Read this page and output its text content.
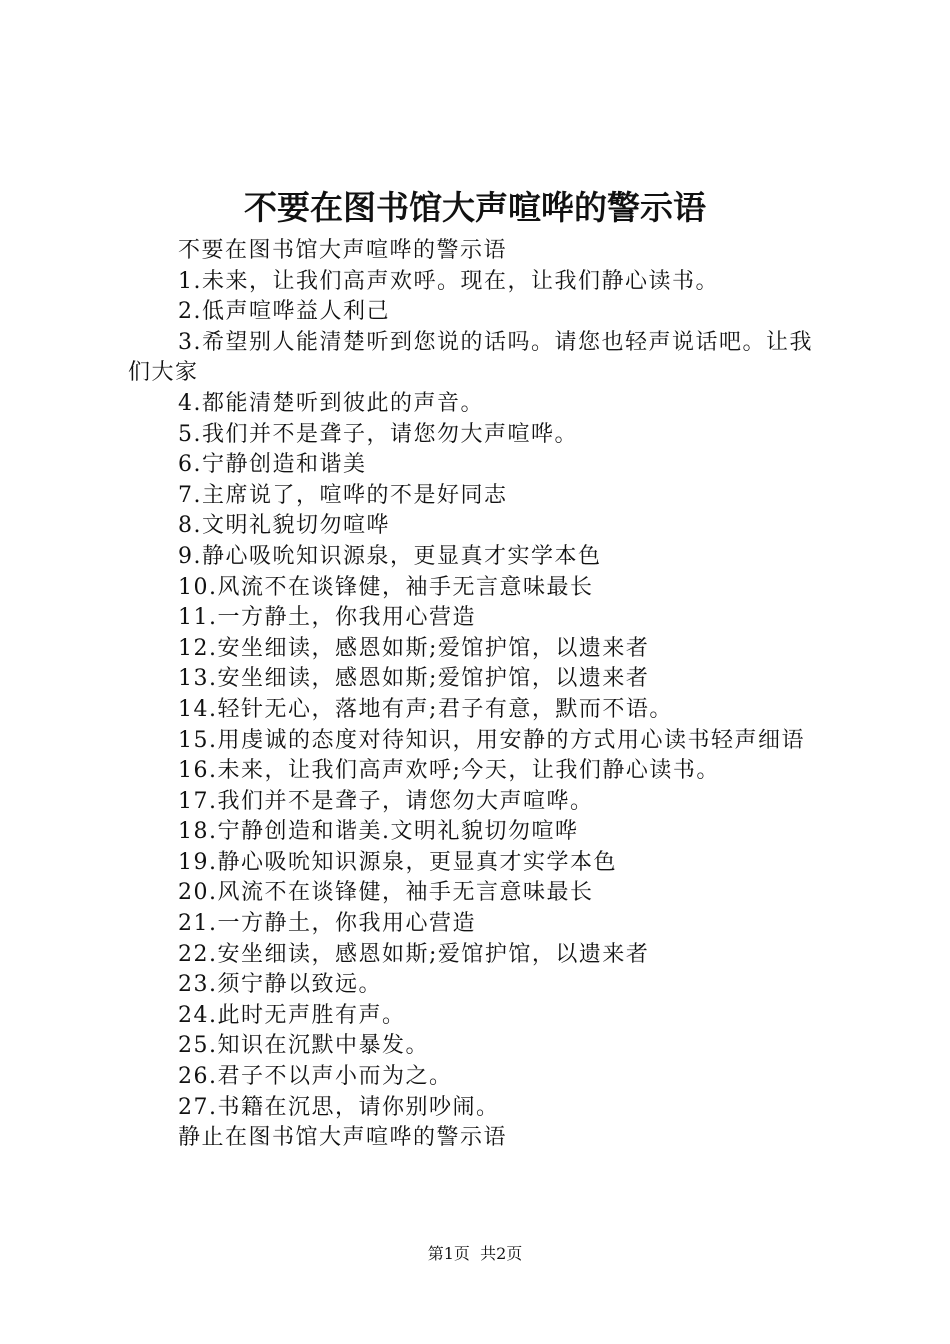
不要在图书馆大声喧哗的警示语

不要在图书馆大声喧哗的警示语

1.未来，让我们高声欢呼。现在，让我们静心读书。

2.低声喧哗益人利己

3.希望别人能清楚听到您说的话吗。请您也轻声说话吧。让我们大家

4.都能清楚听到彼此的声音。

5.我们并不是聋子，请您勿大声喧哗。

6.宁静创造和谐美

7.主席说了，喧哗的不是好同志

8.文明礼貌切勿喧哗

9.静心吸吮知识源泉，更显真才实学本色

10.风流不在谈锋健，袖手无言意味最长

11.一方静土，你我用心营造

12.安坐细读，感恩如斯;爱馆护馆，以遗来者

13.安坐细读，感恩如斯;爱馆护馆，以遗来者

14.轻针无心，落地有声;君子有意，默而不语。

15.用虔诚的态度对待知识，用安静的方式用心读书轻声细语

16.未来，让我们高声欢呼;今天，让我们静心读书。

17.我们并不是聋子，请您勿大声喧哗。

18.宁静创造和谐美.文明礼貌切勿喧哗

19.静心吸吮知识源泉，更显真才实学本色

20.风流不在谈锋健，袖手无言意味最长

21.一方静土，你我用心营造

22.安坐细读，感恩如斯;爱馆护馆，以遗来者

23.须宁静以致远。

24.此时无声胜有声。

25.知识在沉默中暴发。

26.君子不以声小而为之。

27.书籍在沉思，请你别吵闹。

静止在图书馆大声喧哗的警示语

第1页  共2页
